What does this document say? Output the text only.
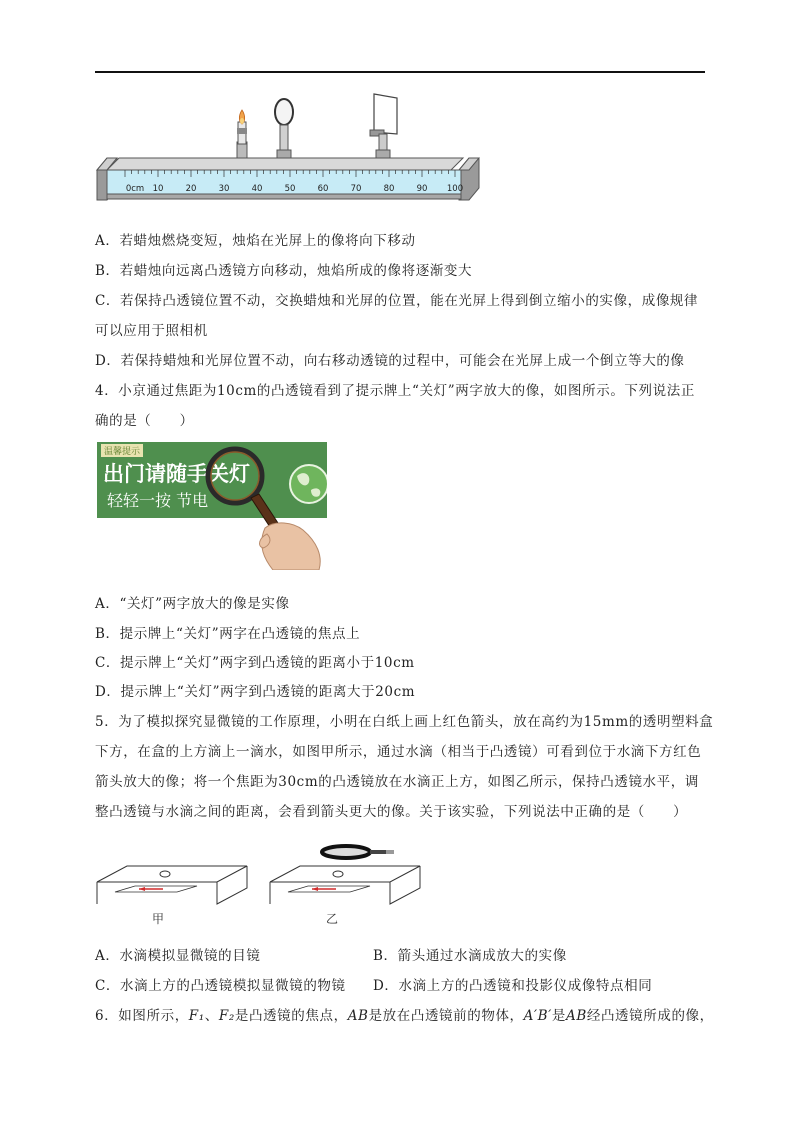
0cm 10	20	30	40	50	60	70	80	90 100
A．若蜡烛燃烧变短，烛焰在光屏上的像将向下移动
B．若蜡烛向远离凸透镜方向移动，烛焰所成的像将逐渐变大
C．若保持凸透镜位置不动，交换蜡烛和光屏的位置，能在光屏上得到倒立缩小的实像，成像规律
可以应用于照相机
D．若保持蜡烛和光屏位置不动，向右移动透镜的过程中，可能会在光屏上成一个倒立等大的像
4．小京通过焦距为10cm的凸透镜看到了提示牌上“关灯”两字放大的像，如图所示。下列说法正
确的是（　　）
温馨提示
出门请随手关灯
轻轻一按 节电
A．“关灯”两字放大的像是实像
B．提示牌上“关灯”两字在凸透镜的焦点上
C．提示牌上“关灯”两字到凸透镜的距离小于10cm
D．提示牌上“关灯”两字到凸透镜的距离大于20cm
5．为了模拟探究显微镜的工作原理，小明在白纸上画上红色箭头，放在高约为15mm的透明塑料盒
下方，在盒的上方滴上一滴水，如图甲所示，通过水滴（相当于凸透镜）可看到位于水滴下方红色
箭头放大的像；将一个焦距为30cm的凸透镜放在水滴正上方，如图乙所示，保持凸透镜水平，调
整凸透镜与水滴之间的距离，会看到箭头更大的像。关于该实验，下列说法中正确的是（　　）
甲	乙
A．水滴模拟显微镜的目镜	B．箭头通过水滴成放大的实像
C．水滴上方的凸透镜模拟显微镜的物镜 D．水滴上方的凸透镜和投影仪成像特点相同
6．如图所示，F₁、F₂是凸透镜的焦点，AB是放在凸透镜前的物体，A′B′是AB经凸透镜所成的像，
